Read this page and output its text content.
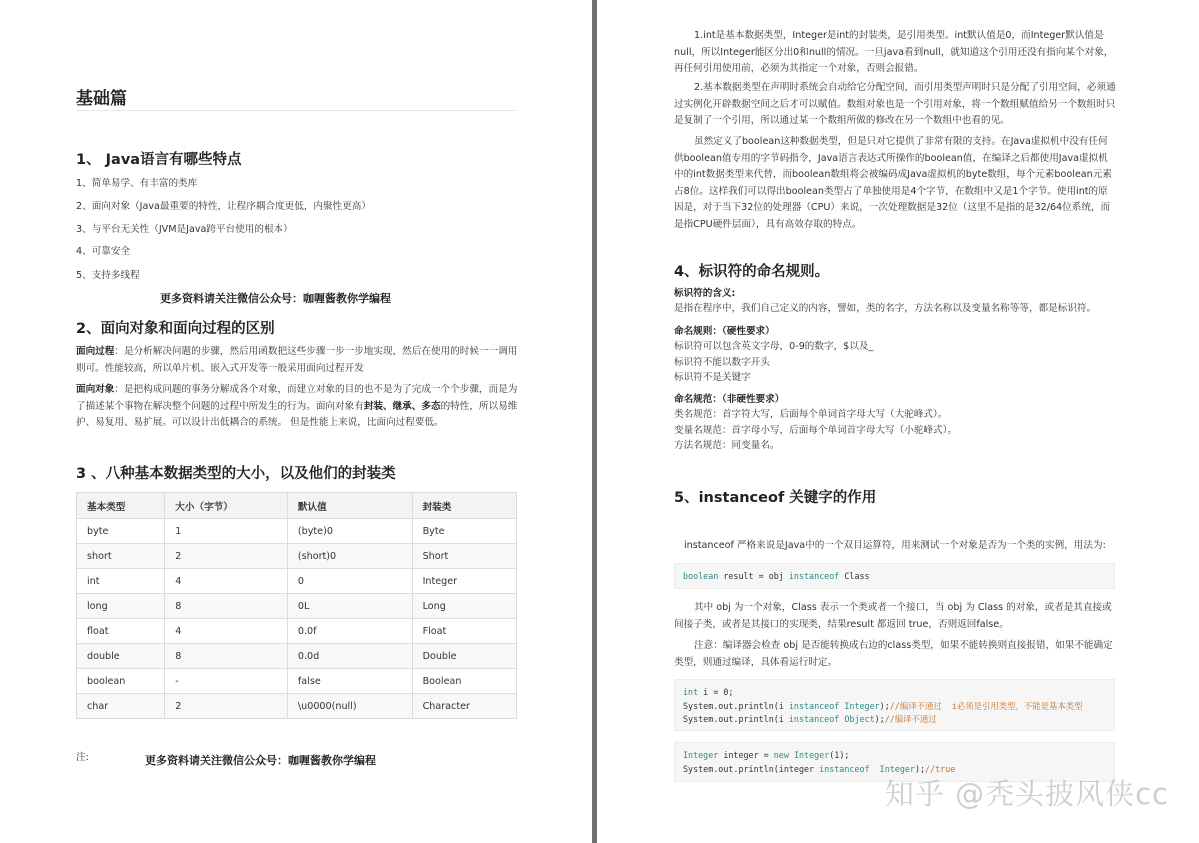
基础篇
1、 Java语言有哪些特点

1、简单易学、有丰富的类库

2、面向对象（Java最重要的特性，让程序耦合度更低，内聚性更高）

3、与平台无关性（JVM是Java跨平台使用的根本）

4、可靠安全

5、支持多线程

更多资料请关注微信公众号：咖喱酱教你学编程
2、面向对象和面向过程的区别

面向过程：是分析解决问题的步骤，然后用函数把这些步骤一步一步地实现，然后在使用的时候一一调用则可。性能较高，所以单片机、嵌入式开发等一般采用面向过程开发

面向对象：是把构成问题的事务分解成各个对象，而建立对象的目的也不是为了完成一个个步骤，而是为了描述某个事物在解决整个问题的过程中所发生的行为。面向对象有封装、继承、多态的特性，所以易维护、易复用、易扩展。可以设计出低耦合的系统。 但是性能上来说，比面向过程要低。

3 、八种基本数据类型的大小，以及他们的封装类
基本类型	大小（字节）	默认值	封装类
byte	1	(byte)0	Byte
short	2	(short)0	Short
int	4	0	Integer
long	8	0L	Long
float	4	0.0f	Float
double	8	0.0d	Double
boolean	-	false	Boolean
char	2	\u0000(null)	Character

注:	更多资料请关注微信公众号：咖喱酱教你学编程

1.int是基本数据类型，Integer是int的封装类，是引用类型。int默认值是0，而Integer默认值是null，所以Integer能区分出0和null的情况。一旦java看到null，就知道这个引用还没有指向某个对象，再任何引用使用前，必须为其指定一个对象，否则会报错。

2.基本数据类型在声明时系统会自动给它分配空间，而引用类型声明时只是分配了引用空间，必须通过实例化开辟数据空间之后才可以赋值。数组对象也是一个引用对象，将一个数组赋值给另一个数组时只是复制了一个引用，所以通过某一个数组所做的修改在另一个数组中也看的见。

虽然定义了boolean这种数据类型，但是只对它提供了非常有限的支持。在Java虚拟机中没有任何供boolean值专用的字节码指令，Java语言表达式所操作的boolean值，在编译之后都使用Java虚拟机中的int数据类型来代替，而boolean数组将会被编码成Java虚拟机的byte数组，每个元素boolean元素占8位。这样我们可以得出boolean类型占了单独使用是4个字节，在数组中又是1个字节。使用int的原因是，对于当下32位的处理器（CPU）来说，一次处理数据是32位（这里不是指的是32/64位系统，而是指CPU硬件层面），具有高效存取的特点。

4、标识符的命名规则。

标识符的含义:

是指在程序中，我们自己定义的内容，譬如，类的名字，方法名称以及变量名称等等，都是标识符。

命名规则：（硬性要求）

标识符可以包含英文字母，0-9的数字，$以及_

标识符不能以数字开头

标识符不是关键字

命名规范：（非硬性要求）

类名规范：首字符大写，后面每个单词首字母大写（大驼峰式）。

变量名规范：首字母小写，后面每个单词首字母大写（小驼峰式）。

方法名规范：同变量名。

5、instanceof 关键字的作用

instanceof 严格来说是Java中的一个双目运算符，用来测试一个对象是否为一个类的实例，用法为:

boolean result = obj instanceof Class

其中 obj 为一个对象，Class 表示一个类或者一个接口，当 obj 为 Class 的对象，或者是其直接或间接子类，或者是其接口的实现类，结果result 都返回 true，否则返回false。

注意：编译器会检查 obj 是否能转换成右边的class类型，如果不能转换则直接报错，如果不能确定类型，则通过编译，具体看运行时定。

int i = 0;
System.out.println(i instanceof Integer);//编译不通过  i必须是引用类型，不能是基本类型
System.out.println(i instanceof Object);//编译不通过
Integer integer = new Integer(1);
System.out.println(integer instanceof  Integer);//true
知乎 @秃头披风侠cc
